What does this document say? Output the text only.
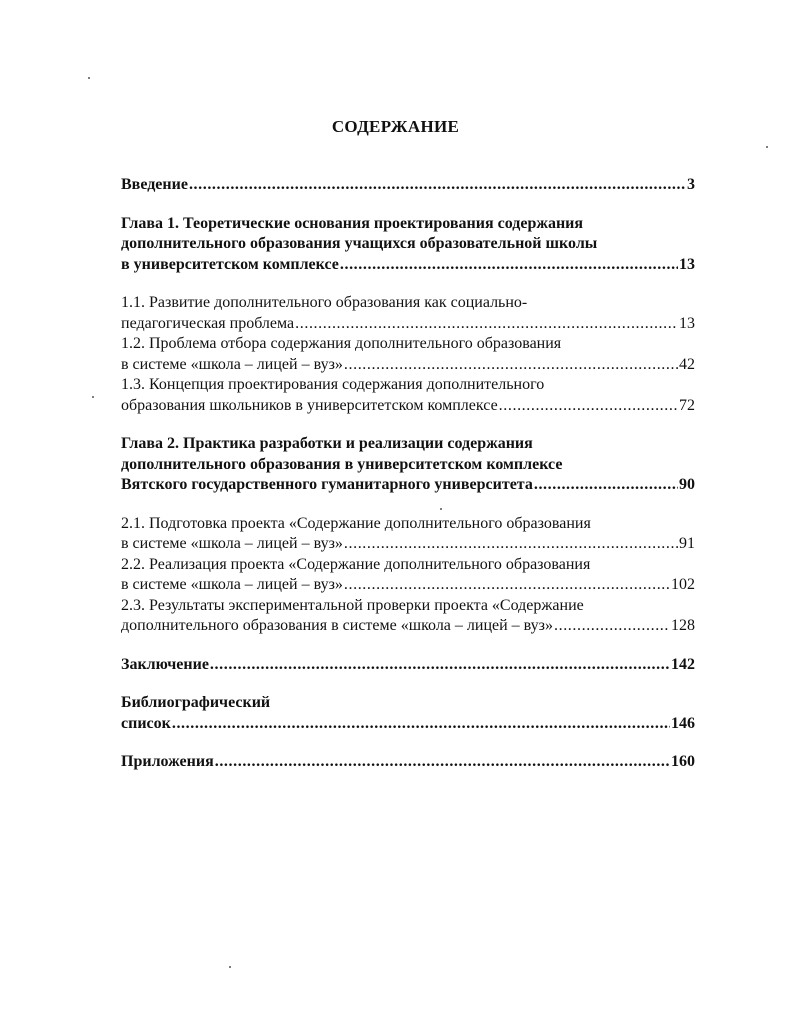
СОДЕРЖАНИЕ
Введение .....	3
Глава 1. Теоретические основания проектирования содержания
дополнительного образования учащихся образовательной школы
в университетском комплексе .....	13
1.1. Развитие дополнительного образования как социально-
педагогическая проблема .....	13
1.2. Проблема отбора содержания дополнительного образования
в системе «школа – лицей – вуз» .....	42
1.3. Концепция проектирования содержания дополнительного
образования школьников в университетском комплексе .....	72
Глава 2. Практика разработки и реализации содержания
дополнительного образования в университетском комплексе
Вятского государственного гуманитарного университета .....	90
2.1. Подготовка проекта «Содержание дополнительного образования
в системе «школа – лицей – вуз» .....	91
2.2. Реализация проекта «Содержание дополнительного образования
в системе «школа – лицей – вуз» .....	102
2.3. Результаты экспериментальной проверки проекта «Содержание
дополнительного образования в системе «школа – лицей – вуз» .....	128
Заключение .....	142
Библиографический
список .....	146
Приложения .....	160
